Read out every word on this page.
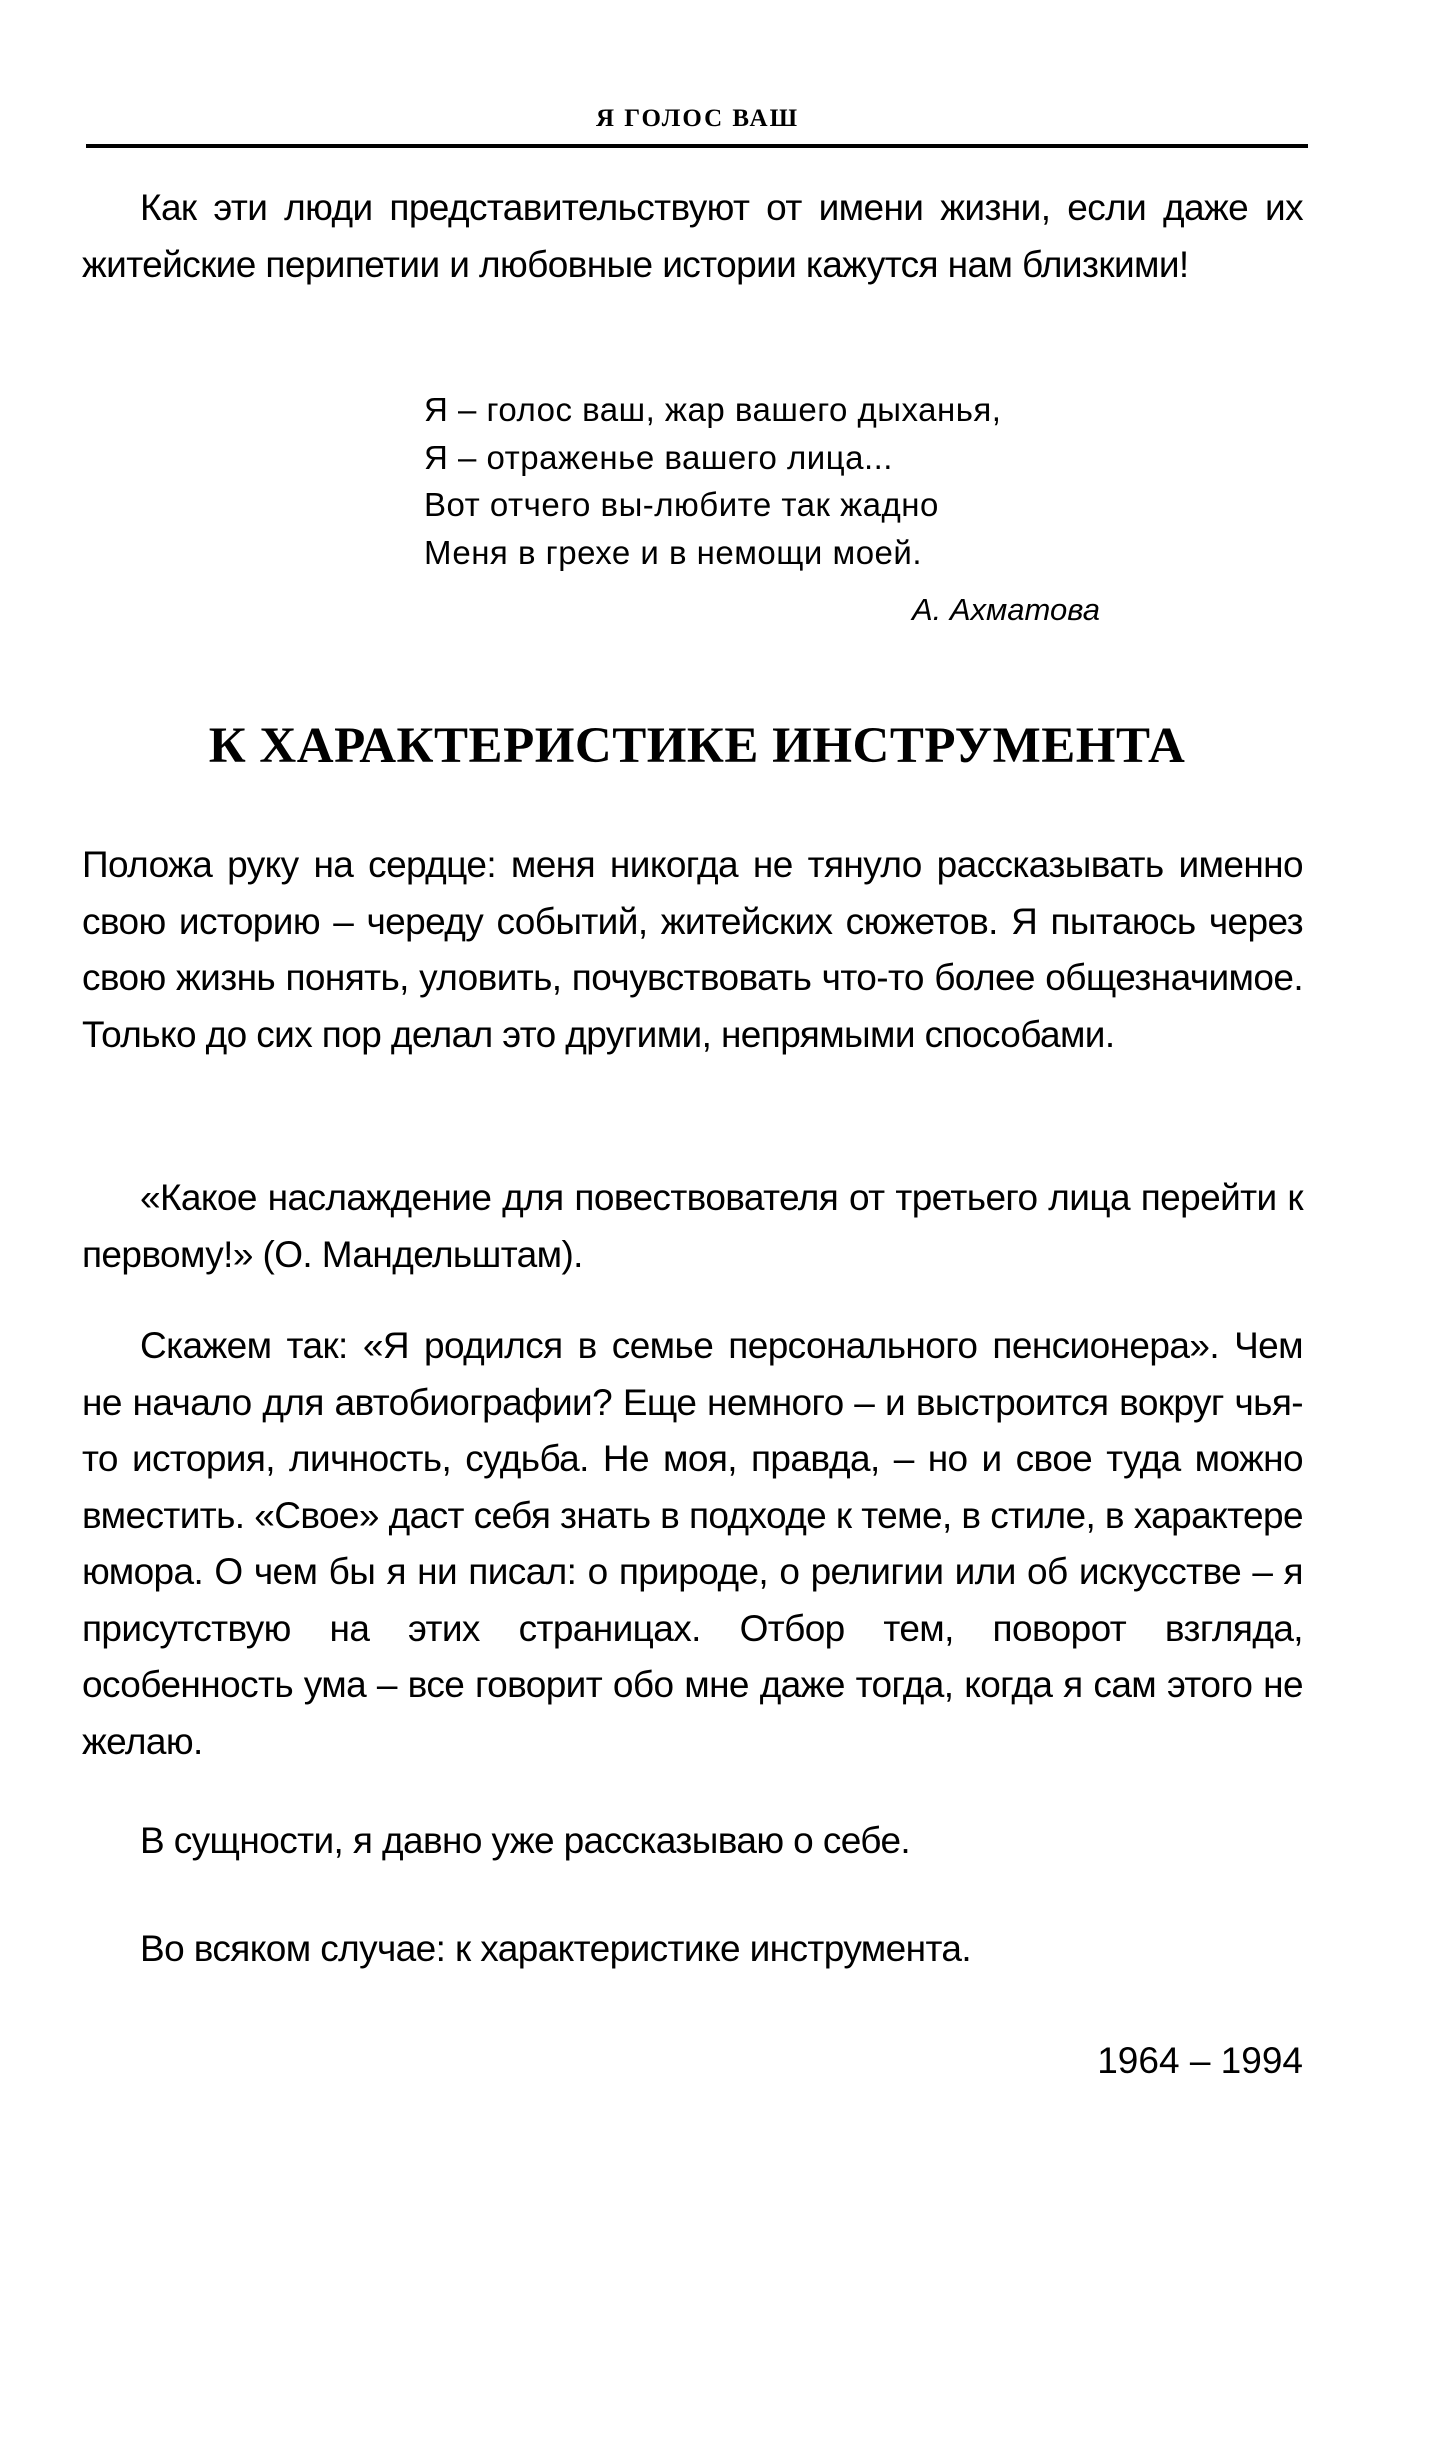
Я ГОЛОС ВАШ

Как эти люди представительствуют от имени жизни, если даже их житейские перипетии и любовные истории кажутся нам близкими!

Я – голос ваш, жар вашего дыханья,
Я – отраженье вашего лица...
Вот отчего вы-любите так жадно
Меня в грехе и в немощи моей.
А. Ахматова
К ХАРАКТЕРИСТИКЕ ИНСТРУМЕНТА

Положа руку на сердце: меня никогда не тянуло рассказывать именно свою историю – череду событий, житейских сюжетов. Я пытаюсь через свою жизнь понять, уловить, почувствовать что-то более общезначимое. Только до сих пор делал это другими, непрямыми способами.

«Какое наслаждение для повествователя от третьего лица перейти к первому!» (О. Мандельштам).

Скажем так: «Я родился в семье персонального пенсионера». Чем не начало для автобиографии? Еще немного – и выстроится вокруг чья-то история, личность, судьба. Не моя, правда, – но и свое туда можно вместить. «Свое» даст себя знать в подходе к теме, в стиле, в характере юмора. О чем бы я ни писал: о природе, о религии или об искусстве – я присутствую на этих страницах. Отбор тем, поворот взгляда, особенность ума – все говорит обо мне даже тогда, когда я сам этого не желаю.

В сущности, я давно уже рассказываю о себе.

Во всяком случае: к характеристике инструмента.

1964 – 1994
